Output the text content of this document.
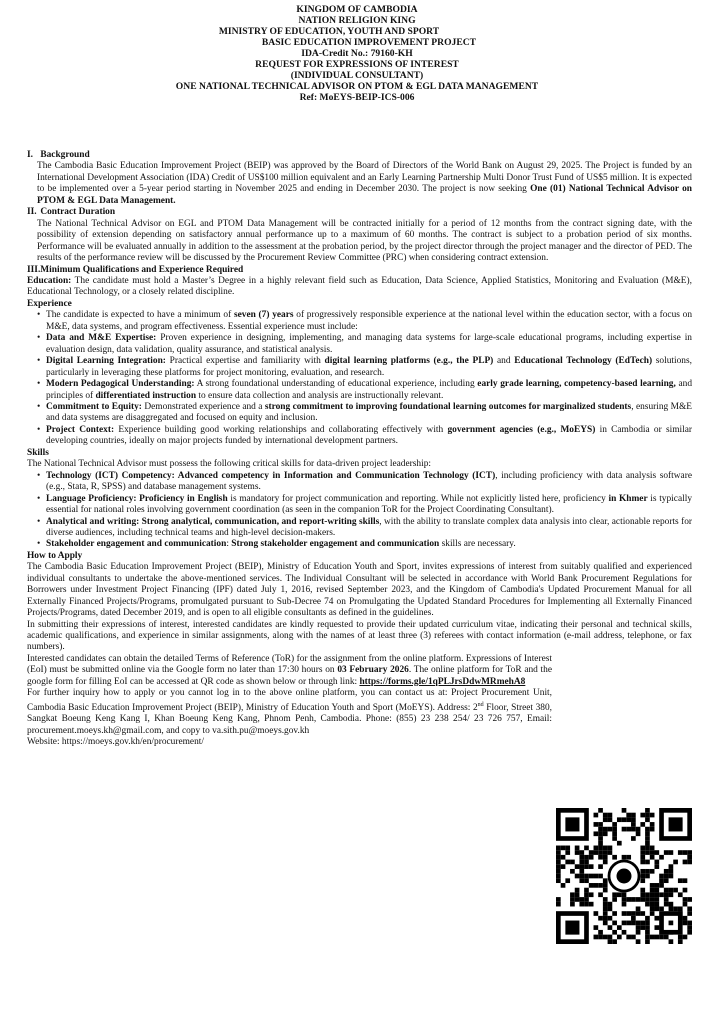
KINGDOM OF CAMBODIA
NATION RELIGION KING
MINISTRY OF EDUCATION, YOUTH AND SPORT
BASIC EDUCATION IMPROVEMENT PROJECT
IDA-Credit No.: 79160-KH
REQUEST FOR EXPRESSIONS OF INTEREST
(INDIVIDUAL CONSULTANT)
ONE NATIONAL TECHNICAL ADVISOR ON PTOM & EGL DATA MANAGEMENT
Ref: MoEYS-BEIP-ICS-006
I. Background

The Cambodia Basic Education Improvement Project (BEIP) was approved by the Board of Directors of the World Bank on August 29, 2025. The Project is funded by an International Development Association (IDA) Credit of US$100 million equivalent and an Early Learning Partnership Multi Donor Trust Fund of US$5 million. It is expected to be implemented over a 5-year period starting in November 2025 and ending in December 2030. The project is now seeking One (01) National Technical Advisor on PTOM & EGL Data Management.

II. Contract Duration

The National Technical Advisor on EGL and PTOM Data Management will be contracted initially for a period of 12 months from the contract signing date, with the possibility of extension depending on satisfactory annual performance up to a maximum of 60 months. The contract is subject to a probation period of six months. Performance will be evaluated annually in addition to the assessment at the probation period, by the project director through the project manager and the director of PED. The results of the performance review will be discussed by the Procurement Review Committee (PRC) when considering contract extension.

III.Minimum Qualifications and Experience Required

Education: The candidate must hold a Master’s Degree in a highly relevant field such as Education, Data Science, Applied Statistics, Monitoring and Evaluation (M&E), Educational Technology, or a closely related discipline.

Experience
• The candidate is expected to have a minimum of seven (7) years of progressively responsible experience at the national level within the education sector, with a focus on M&E, data systems, and program effectiveness. Essential experience must include:
• Data and M&E Expertise: Proven experience in designing, implementing, and managing data systems for large-scale educational programs, including expertise in evaluation design, data validation, quality assurance, and statistical analysis.
• Digital Learning Integration: Practical expertise and familiarity with digital learning platforms (e.g., the PLP) and Educational Technology (EdTech) solutions, particularly in leveraging these platforms for project monitoring, evaluation, and research.
• Modern Pedagogical Understanding: A strong foundational understanding of educational experience, including early grade learning, competency-based learning, and principles of differentiated instruction to ensure data collection and analysis are instructionally relevant.
• Commitment to Equity: Demonstrated experience and a strong commitment to improving foundational learning outcomes for marginalized students, ensuring M&E and data systems are disaggregated and focused on equity and inclusion.
• Project Context: Experience building good working relationships and collaborating effectively with government agencies (e.g., MoEYS) in Cambodia or similar developing countries, ideally on major projects funded by international development partners.
Skills

The National Technical Advisor must possess the following critical skills for data-driven project leadership:

• Technology (ICT) Competency: Advanced competency in Information and Communication Technology (ICT), including proficiency with data analysis software (e.g., Stata, R, SPSS) and database management systems.
• Language Proficiency: Proficiency in English is mandatory for project communication and reporting. While not explicitly listed here, proficiency in Khmer is typically essential for national roles involving government coordination (as seen in the companion ToR for the Project Coordinating Consultant).
• Analytical and writing: Strong analytical, communication, and report-writing skills, with the ability to translate complex data analysis into clear, actionable reports for diverse audiences, including technical teams and high-level decision-makers.
• Stakeholder engagement and communication: Strong stakeholder engagement and communication skills are necessary.
How to Apply

The Cambodia Basic Education Improvement Project (BEIP), Ministry of Education Youth and Sport, invites expressions of interest from suitably qualified and experienced individual consultants to undertake the above-mentioned services. The Individual Consultant will be selected in accordance with World Bank Procurement Regulations for Borrowers under Investment Project Financing (IPF) dated July 1, 2016, revised September 2023, and the Kingdom of Cambodia's Updated Procurement Manual for all Externally Financed Projects/Programs, promulgated pursuant to Sub-Decree 74 on Promulgating the Updated Standard Procedures for Implementing all Externally Financed Projects/Programs, dated December 2019, and is open to all eligible consultants as defined in the guidelines.

In submitting their expressions of interest, interested candidates are kindly requested to provide their updated curriculum vitae, indicating their personal and technical skills, academic qualifications, and experience in similar assignments, along with the names of at least three (3) referees with contact information (e-mail address, telephone, or fax numbers).

Interested candidates can obtain the detailed Terms of Reference (ToR) for the assignment from the online platform. Expressions of Interest (EoI) must be submitted online via the Google form no later than 17:30 hours on 03 February 2026. The online platform for ToR and the google form for filling EoI can be accessed at QR code as shown below or through link: https://forms.gle/1qPLJrsDdwMRmehA8

For further inquiry how to apply or you cannot log in to the above online platform, you can contact us at: Project Procurement Unit, Cambodia Basic Education Improvement Project (BEIP), Ministry of Education Youth and Sport (MoEYS). Address: 2nd Floor, Street 380, Sangkat Boeung Keng Kang I, Khan Boeung Keng Kang, Phnom Penh, Cambodia. Phone: (855) 23 238 254/ 23 726 757, Email: procurement.moeys.kh@gmail.com, and copy to va.sith.pu@moeys.gov.kh

Website: https://moeys.gov.kh/en/procurement/
